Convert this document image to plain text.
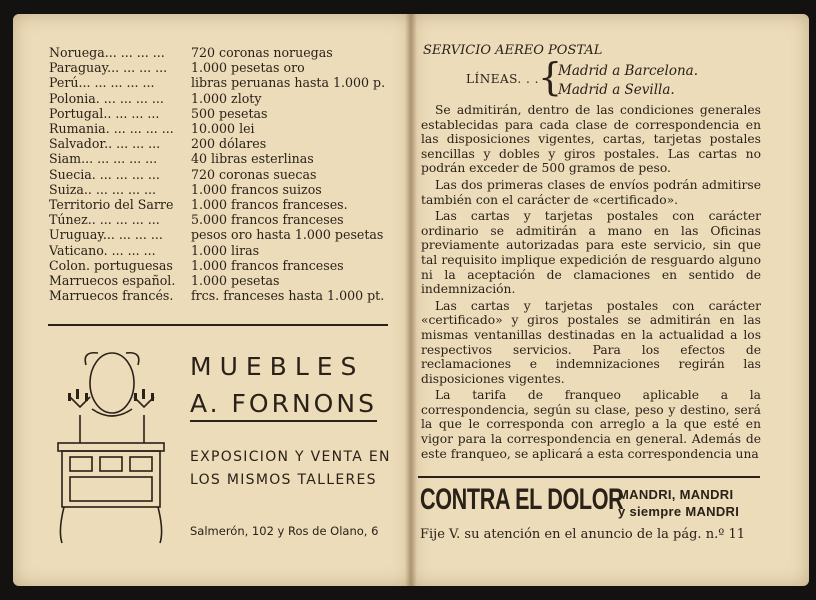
Noruega... ... ... ...	720 coronas noruegas
Paraguay... ... ... ...	1.000 pesetas oro
Perú... ... ... ... ...	libras peruanas hasta 1.000 p.
Polonia. ... ... ... ...	1.000 zloty
Portugal.. ... ... ...	500 pesetas
Rumania. ... ... ... ...	10.000 lei
Salvador.. ... ... ...	200 dólares
Siam... ... ... ... ...	40 libras esterlinas
Suecia. ... ... ... ...	720 coronas suecas
Suiza.. ... ... ... ...	1.000 francos suizos
Territorio del Sarre	1.000 francos franceses.
Túnez.. ... ... ... ...	5.000 francos franceses
Uruguay... ... ... ...	pesos oro hasta 1.000 pesetas
Vaticano. ... ... ...	1.000 liras
Colon. portuguesas	1.000 francos franceses
Marruecos español.	1.000 pesetas
Marruecos francés.	frcs. franceses hasta 1.000 pt.
MUEBLES
A. FORNONS
EXPOSICION Y VENTA EN
LOS MISMOS TALLERES
Salmerón, 102 y Ros de Olano, 6
SERVICIO AEREO POSTAL
LÍNEAS. . . {
Madrid a Barcelona.
Madrid a Sevilla.

Se admitirán, dentro de las condiciones generales establecidas para cada clase de correspondencia en las disposiciones vigentes, cartas, tarjetas postales sencillas y dobles y giros postales. Las cartas no podrán exceder de 500 gramos de peso.

Las dos primeras clases de envíos podrán admitirse también con el carácter de «certificado».

Las cartas y tarjetas postales con carácter ordinario se admitirán a mano en las Oficinas previamente autorizadas para este servicio, sin que tal requisito implique expedición de resguardo alguno ni la aceptación de clamaciones en sentido de indemnización.

Las cartas y tarjetas postales con carácter «certificado» y giros postales se admitirán en las mismas ventanillas destinadas en la actualidad a los respectivos servicios. Para los efectos de reclamaciones e indemnizaciones regirán las disposiciones vigentes.

La tarifa de franqueo aplicable a la correspondencia, según su clase, peso y destino, será la que le corresponda con arreglo a la que esté en vigor para la correspondencia en general. Además de este franqueo, se aplicará a esta correspondencia una

CONTRA EL DOLOR
MANDRI, MANDRI
y siempre MANDRI
Fije V. su atención en el anuncio de la pág. n.º 11
